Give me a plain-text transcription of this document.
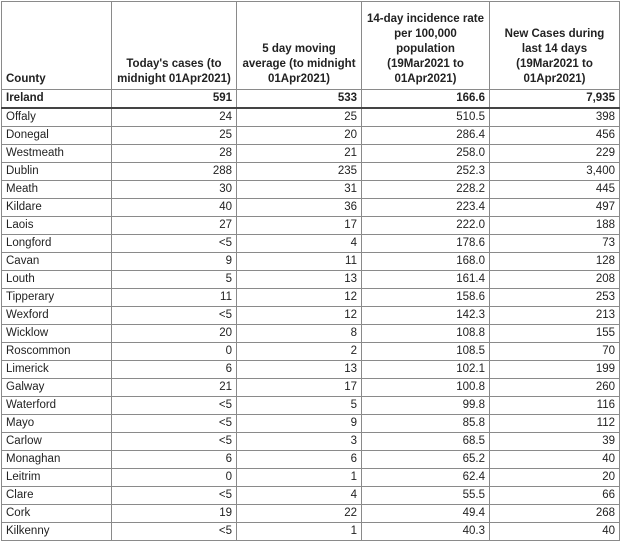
County	Today's cases (to midnight 01Apr2021)	5 day moving average (to midnight 01Apr2021)	14-day incidence rate per 100,000 population (19Mar2021 to 01Apr2021)	New Cases during last 14 days (19Mar2021 to 01Apr2021)
Ireland	591	533	166.6	7,935
Offaly	24	25	510.5	398
Donegal	25	20	286.4	456
Westmeath	28	21	258.0	229
Dublin	288	235	252.3	3,400
Meath	30	31	228.2	445
Kildare	40	36	223.4	497
Laois	27	17	222.0	188
Longford	<5	4	178.6	73
Cavan	9	11	168.0	128
Louth	5	13	161.4	208
Tipperary	11	12	158.6	253
Wexford	<5	12	142.3	213
Wicklow	20	8	108.8	155
Roscommon	0	2	108.5	70
Limerick	6	13	102.1	199
Galway	21	17	100.8	260
Waterford	<5	5	99.8	116
Mayo	<5	9	85.8	112
Carlow	<5	3	68.5	39
Monaghan	6	6	65.2	40
Leitrim	0	1	62.4	20
Clare	<5	4	55.5	66
Cork	19	22	49.4	268
Kilkenny	<5	1	40.3	40
